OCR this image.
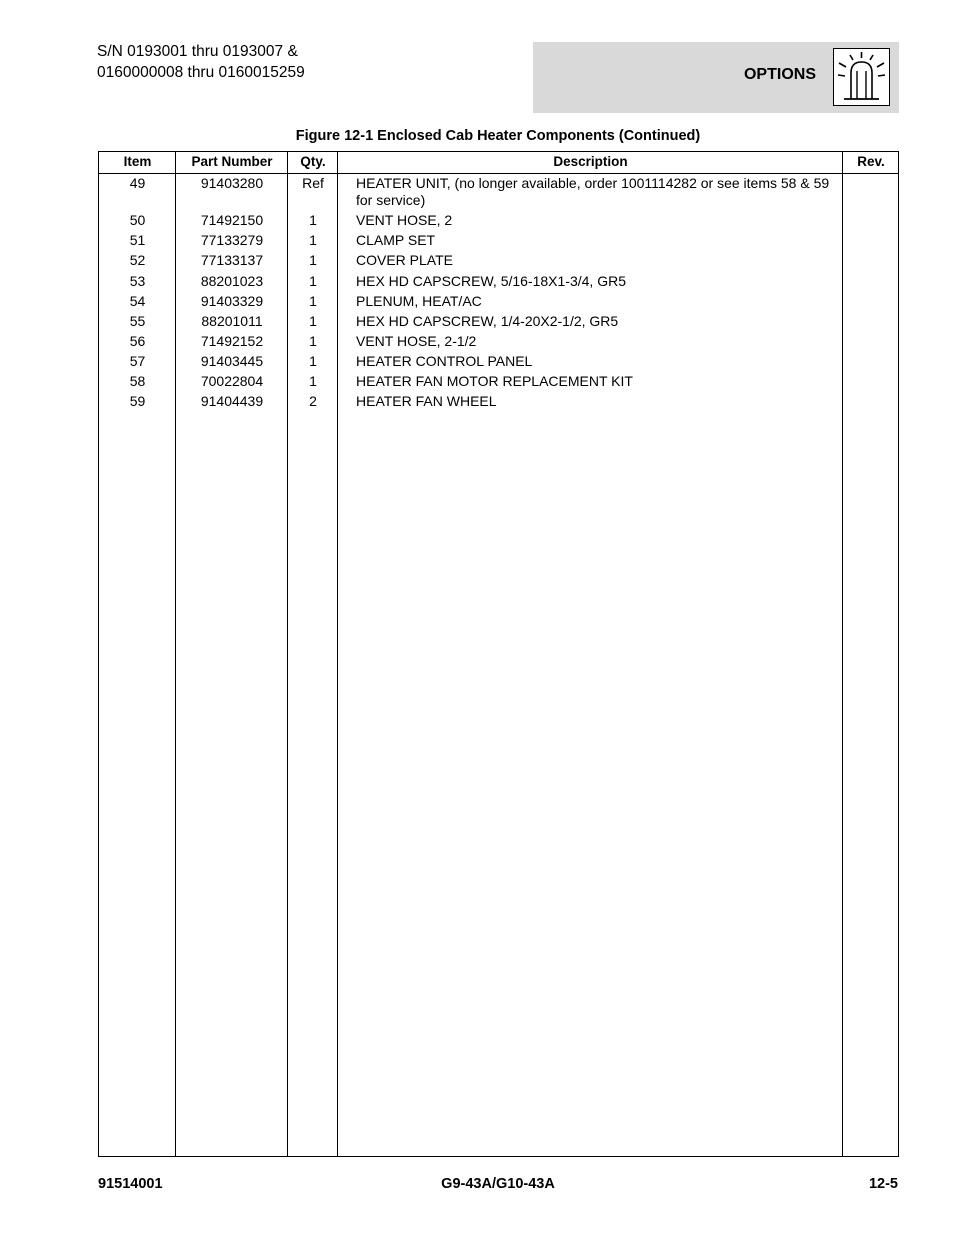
S/N 0193001 thru 0193007 &
0160000008 thru 0160015259	OPTIONS
Figure 12-1 Enclosed Cab Heater Components (Continued)
Item	Part Number	Qty.	Description	Rev.
49	91403280	Ref	HEATER UNIT, (no longer available, order 1001114282 or see items 58 & 59 for service)
50	71492150	1	VENT HOSE, 2
51	77133279	1	CLAMP SET
52	77133137	1	COVER PLATE
53	88201023	1	HEX HD CAPSCREW, 5/16-18X1-3/4, GR5
54	91403329	1	PLENUM, HEAT/AC
55	88201011	1	HEX HD CAPSCREW, 1/4-20X2-1/2, GR5
56	71492152	1	VENT HOSE, 2-1/2
57	91403445	1	HEATER CONTROL PANEL
58	70022804	1	HEATER FAN MOTOR REPLACEMENT KIT
59	91404439	2	HEATER FAN WHEEL
91514001	G9-43A/G10-43A	12-5
